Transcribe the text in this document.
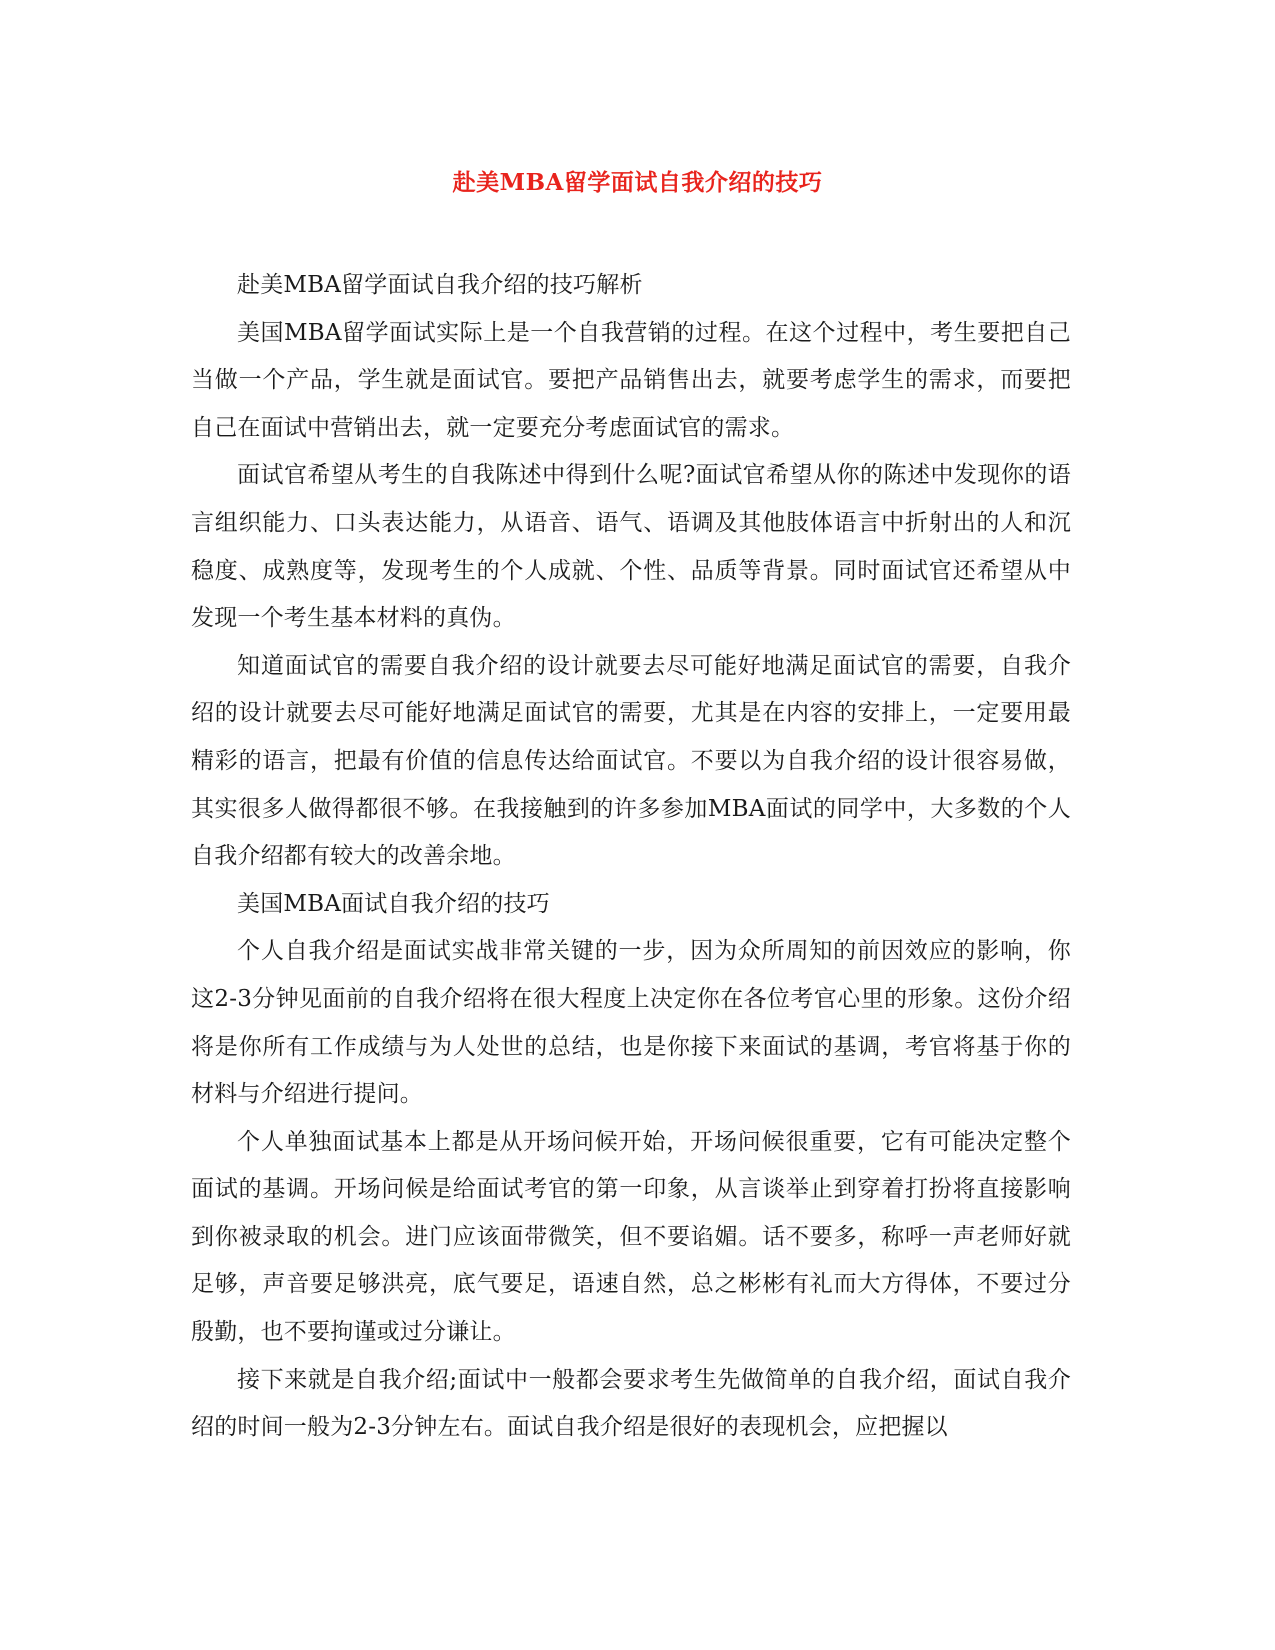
赴美MBA留学面试自我介绍的技巧

赴美MBA留学面试自我介绍的技巧解析

美国MBA留学面试实际上是一个自我营销的过程。在这个过程中，考生要把自己当做一个产品，学生就是面试官。要把产品销售出去，就要考虑学生的需求，而要把自己在面试中营销出去，就一定要充分考虑面试官的需求。

面试官希望从考生的自我陈述中得到什么呢?面试官希望从你的陈述中发现你的语言组织能力、口头表达能力，从语音、语气、语调及其他肢体语言中折射出的人和沉稳度、成熟度等，发现考生的个人成就、个性、品质等背景。同时面试官还希望从中发现一个考生基本材料的真伪。

知道面试官的需要自我介绍的设计就要去尽可能好地满足面试官的需要，自我介绍的设计就要去尽可能好地满足面试官的需要，尤其是在内容的安排上，一定要用最精彩的语言，把最有价值的信息传达给面试官。不要以为自我介绍的设计很容易做，其实很多人做得都很不够。在我接触到的许多参加MBA面试的同学中，大多数的个人自我介绍都有较大的改善余地。

美国MBA面试自我介绍的技巧

个人自我介绍是面试实战非常关键的一步，因为众所周知的前因效应的影响，你这2-3分钟见面前的自我介绍将在很大程度上决定你在各位考官心里的形象。这份介绍将是你所有工作成绩与为人处世的总结，也是你接下来面试的基调，考官将基于你的材料与介绍进行提问。

个人单独面试基本上都是从开场问候开始，开场问候很重要，它有可能决定整个面试的基调。开场问候是给面试考官的第一印象，从言谈举止到穿着打扮将直接影响到你被录取的机会。进门应该面带微笑，但不要谄媚。话不要多，称呼一声老师好就足够，声音要足够洪亮，底气要足，语速自然，总之彬彬有礼而大方得体，不要过分殷勤，也不要拘谨或过分谦让。

接下来就是自我介绍;面试中一般都会要求考生先做简单的自我介绍，面试自我介绍的时间一般为2-3分钟左右。面试自我介绍是很好的表现机会，应把握以
